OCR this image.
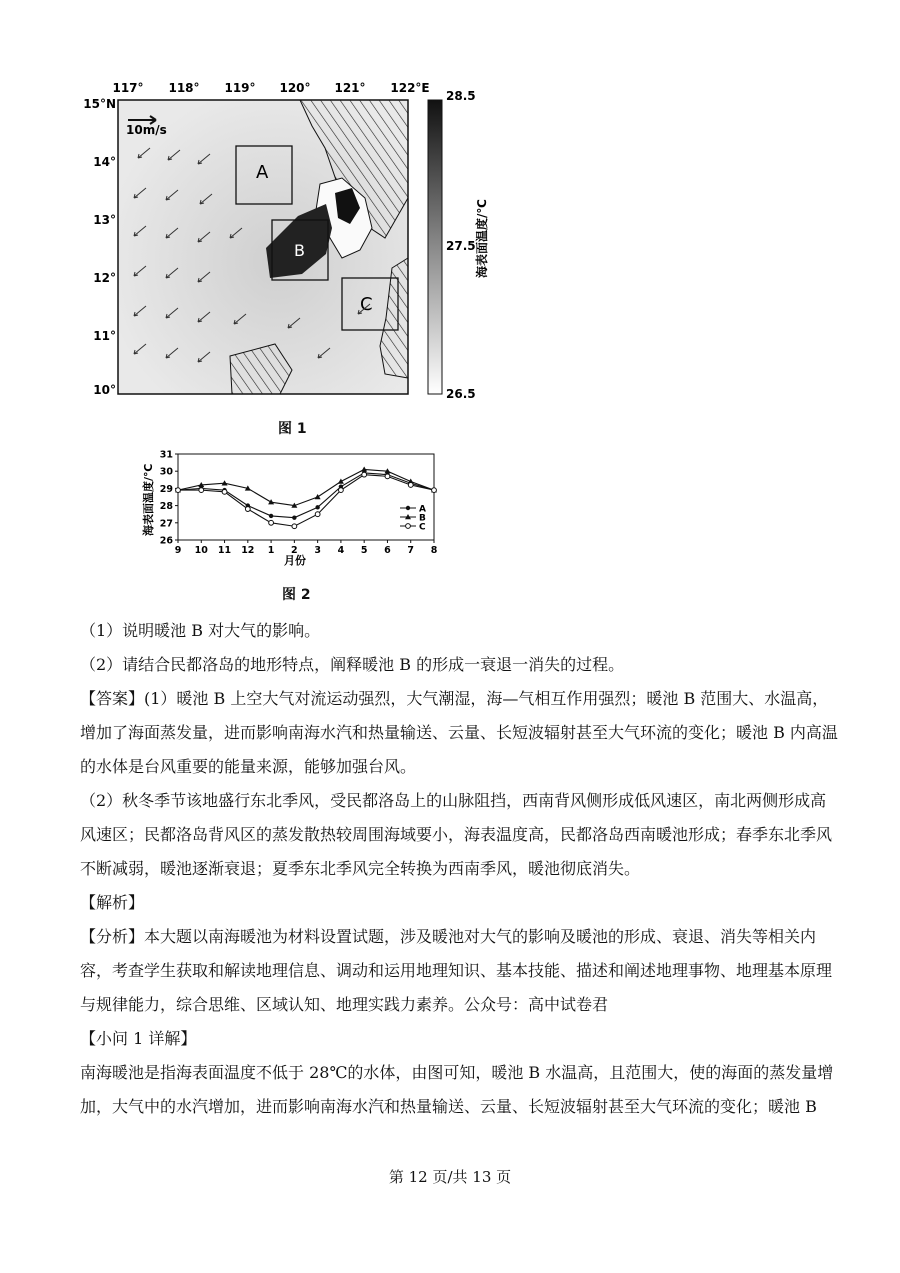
A
B
C
10m/s
117° 118° 119° 120° 121° 122°E
15°N
14°
13°
12°
11°
10°
28.5
27.5
26.5
海表面温度/℃
图 1
26
27
28
29
30
31
9 10 11 12 1 2 3 4 5 6 7 8
A
B
C
月份
海表面温度/℃
图 2

（1）说明暖池 B 对大气的影响。

（2）请结合民都洛岛的地形特点，阐释暖池 B 的形成一衰退一消失的过程。

【答案】(1）暖池 B 上空大气对流运动强烈，大气潮湿，海—气相互作用强烈；暖池 B 范围大、水温高，增加了海面蒸发量，进而影响南海水汽和热量输送、云量、长短波辐射甚至大气环流的变化；暖池 B 内高温的水体是台风重要的能量来源，能够加强台风。

（2）秋冬季节该地盛行东北季风，受民都洛岛上的山脉阻挡，西南背风侧形成低风速区，南北两侧形成高风速区；民都洛岛背风区的蒸发散热较周围海域要小，海表温度高，民都洛岛西南暖池形成；春季东北季风不断减弱，暖池逐渐衰退；夏季东北季风完全转换为西南季风，暖池彻底消失。

【解析】

【分析】本大题以南海暖池为材料设置试题，涉及暖池对大气的影响及暖池的形成、衰退、消失等相关内容，考查学生获取和解读地理信息、调动和运用地理知识、基本技能、描述和阐述地理事物、地理基本原理与规律能力，综合思维、区域认知、地理实践力素养。公众号：高中试卷君

【小问 1 详解】

南海暖池是指海表面温度不低于 28℃的水体，由图可知，暖池 B 水温高，且范围大，使的海面的蒸发量增加，大气中的水汽增加，进而影响南海水汽和热量输送、云量、长短波辐射甚至大气环流的变化；暖池 B

第 12 页/共 13 页
